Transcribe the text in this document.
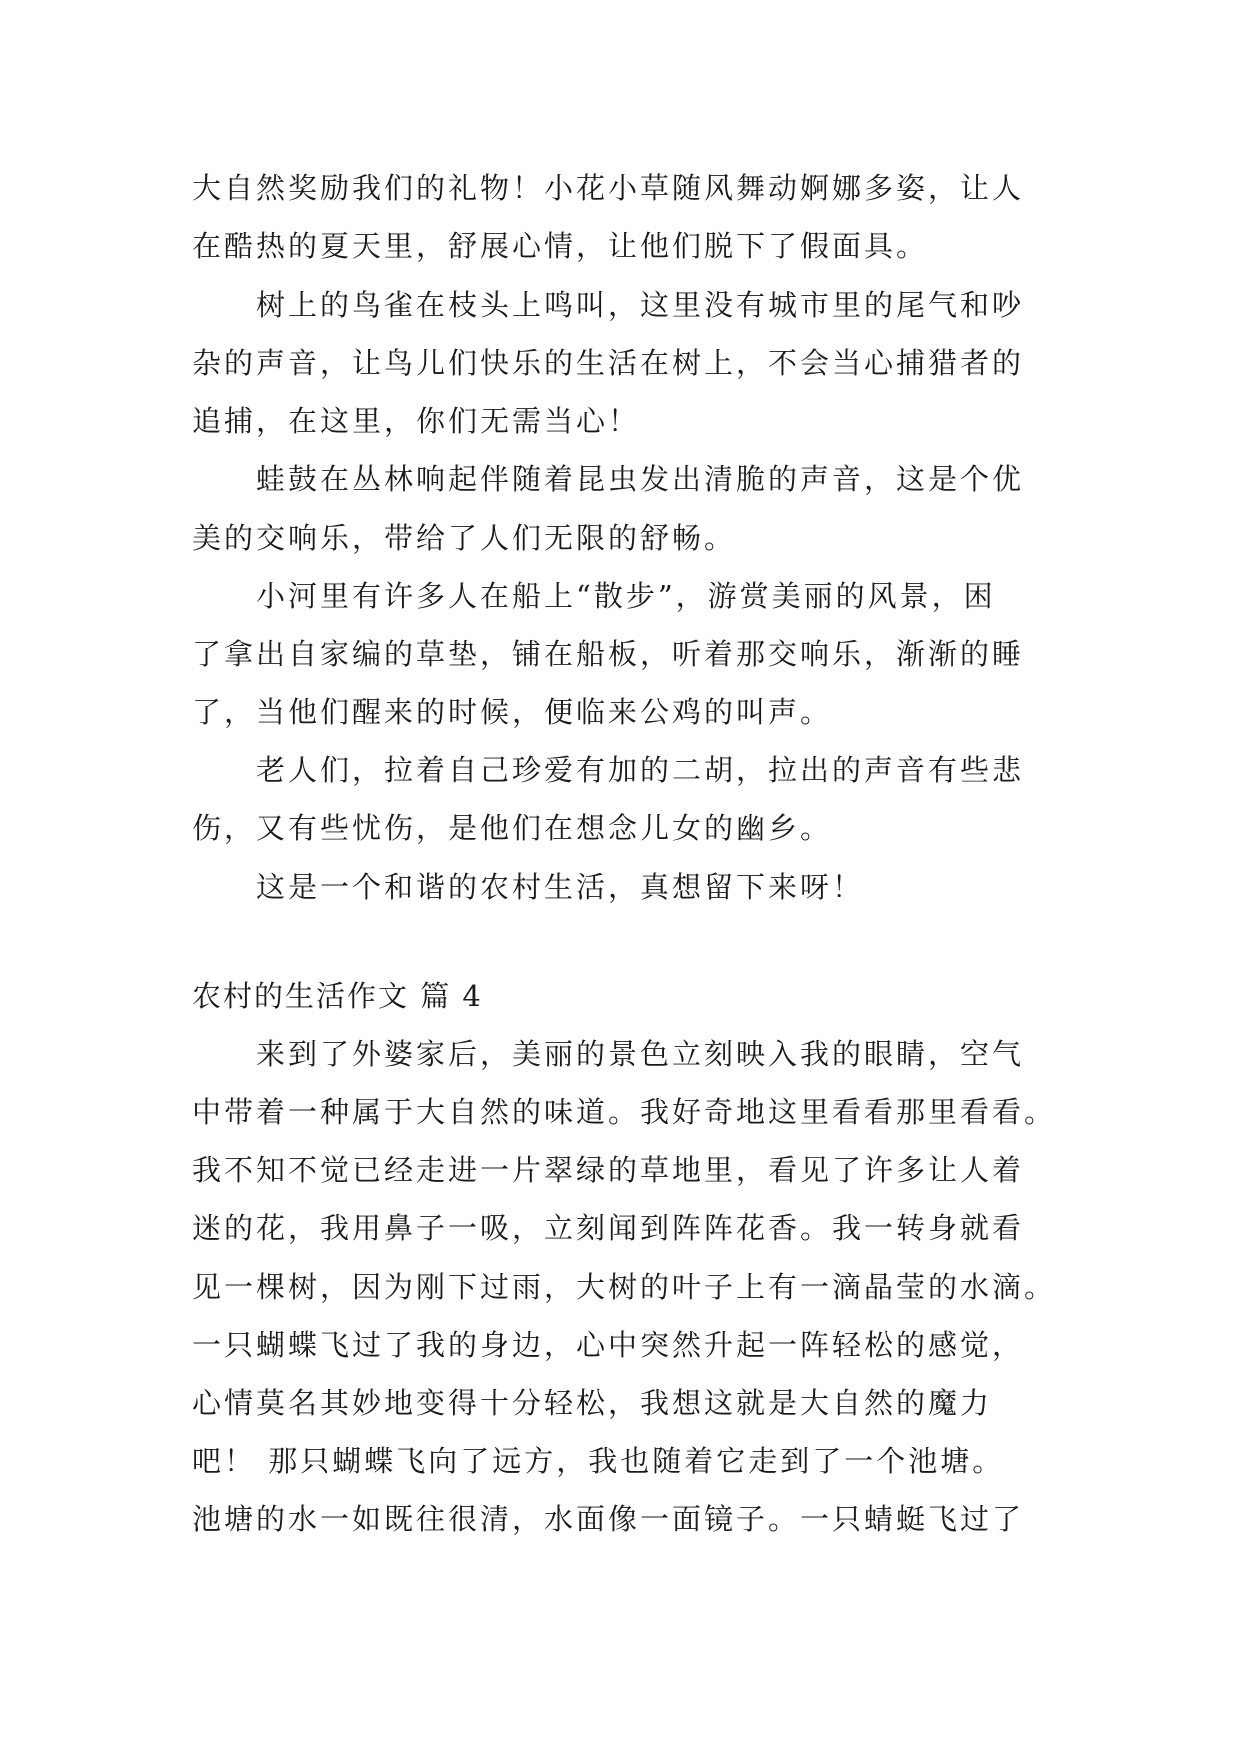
大自然奖励我们的礼物！小花小草随风舞动婀娜多姿，让人
在酷热的夏天里，舒展心情，让他们脱下了假面具。
树上的鸟雀在枝头上鸣叫，这里没有城市里的尾气和吵
杂的声音，让鸟儿们快乐的生活在树上，不会当心捕猎者的
追捕，在这里，你们无需当心！
蛙鼓在丛林响起伴随着昆虫发出清脆的声音，这是个优
美的交响乐，带给了人们无限的舒畅。
小河里有许多人在船上“散步”，游赏美丽的风景，困
了拿出自家编的草垫，铺在船板，听着那交响乐，渐渐的睡
了，当他们醒来的时候，便临来公鸡的叫声。
老人们，拉着自己珍爱有加的二胡，拉出的声音有些悲
伤，又有些忧伤，是他们在想念儿女的幽乡。
这是一个和谐的农村生活，真想留下来呀！
农村的生活作文 篇 4
来到了外婆家后，美丽的景色立刻映入我的眼睛，空气
中带着一种属于大自然的味道。我好奇地这里看看那里看看。
我不知不觉已经走进一片翠绿的草地里，看见了许多让人着
迷的花，我用鼻子一吸，立刻闻到阵阵花香。我一转身就看
见一棵树，因为刚下过雨，大树的叶子上有一滴晶莹的水滴。
一只蝴蝶飞过了我的身边，心中突然升起一阵轻松的感觉，
心情莫名其妙地变得十分轻松，我想这就是大自然的魔力
吧！ 那只蝴蝶飞向了远方，我也随着它走到了一个池塘。
池塘的水一如既往很清，水面像一面镜子。一只蜻蜓飞过了
